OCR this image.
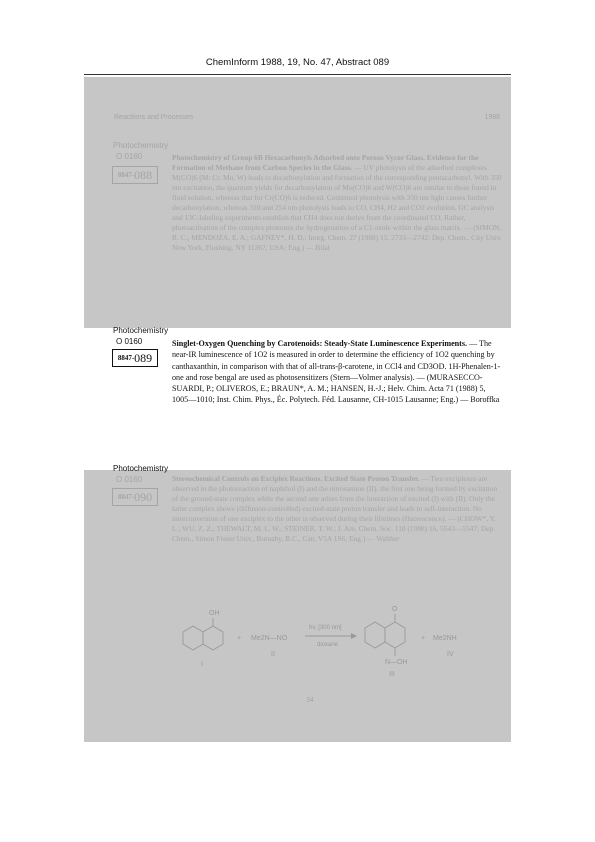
ChemInform 1988, 19, No. 47, Abstract 089
Reactions and Processes	1988
Photochemistry
O 0160
8847- 088
Photochemistry of Group 6B Hexacarbonyls Adsorbed onto Porous Vycor Glass. Evidence for the Formation of Methane from Carbon Species in the Glass. — UV photolysis of the adsorbed complexes M(CO)6 (M: Cr, Mo, W) leads to decarbonylation and formation of the corresponding pentacarbonyl. With 350 nm excitation, the quantum yields for decarbonylation of Mo(CO)6 and W(CO)6 are similar to those found in fluid solution, whereas that for Cr(CO)6 is reduced. Continued photolysis with 350 nm light causes further decarbonylation, whereas 310 and 254 nm photolysis leads to CO, CH4, H2 and CO2 evolution. GC analysis and 13C-labeling experiments establish that CH4 does not derive from the coordinated CO. Rather, photoactivation of the complex promotes the hydrogenation of a C1 oxide within the glass matrix. — (SIMON, R. C.; MENDOZA, E. A.; GAFNEY*, H. D.; Inorg. Chem. 27 (1988) 15, 2733—2742; Dep. Chem., City Univ. New York, Flushing, NY 11367, USA; Eng.) — Bilal
Photochemistry
O 0160
8847- 089
Singlet-Oxygen Quenching by Carotenoids: Steady-State Luminescence Experiments. — The near-IR luminescence of 1O2 is measured in order to determine the efficiency of 1O2 quenching by canthaxanthin, in comparison with that of all-trans-β-carotene, in CCl4 and CD3OD. 1H-Phenalen-1-one and rose bengal are used as photosensitizers (Stern—Volmer analysis). — (MURASECCO-SUARDI, P.; OLIVEROS, E.; BRAUN*, A. M.; HANSEN, H.-J.; Helv. Chim. Acta 71 (1988) 5, 1005—1010; Inst. Chim. Phys., Éc. Polytech. Féd. Lausanne, CH-1015 Lausanne; Eng.) — Boroffka
Photochemistry
O 0160
8847- 090
Stereochemical Controls on Exciplex Reactions. Excited State Proton Transfer. — Two exciplexes are observed in the photoreaction of naphthol (I) and the nitrosamine (II), the first one being formed by excitation of the ground-state complex while the second one arises from the interaction of excited (I) with (II). Only the latter complex shows (diffusion-controlled) excited-state proton transfer and leads to self-interaction. No interconversion of one exciplex to the other is observed during their lifetimes (fluorescence). — (CHOW*, Y. L.; WU, Z. Z.; THEWALT, M. L. W.; STEINER, T. W.; J. Am. Chem. Soc. 110 (1988) 16, 5543—5547; Dep. Chem., Simon Fraser Univ., Burnaby, B.C., Can. V5A 1S6; Eng.) — Walther
OH
+ Me2N—NO
hv, [300 nm]
dioxane
O
N—OH
+ Me2NH
I
II
III
IV
34
